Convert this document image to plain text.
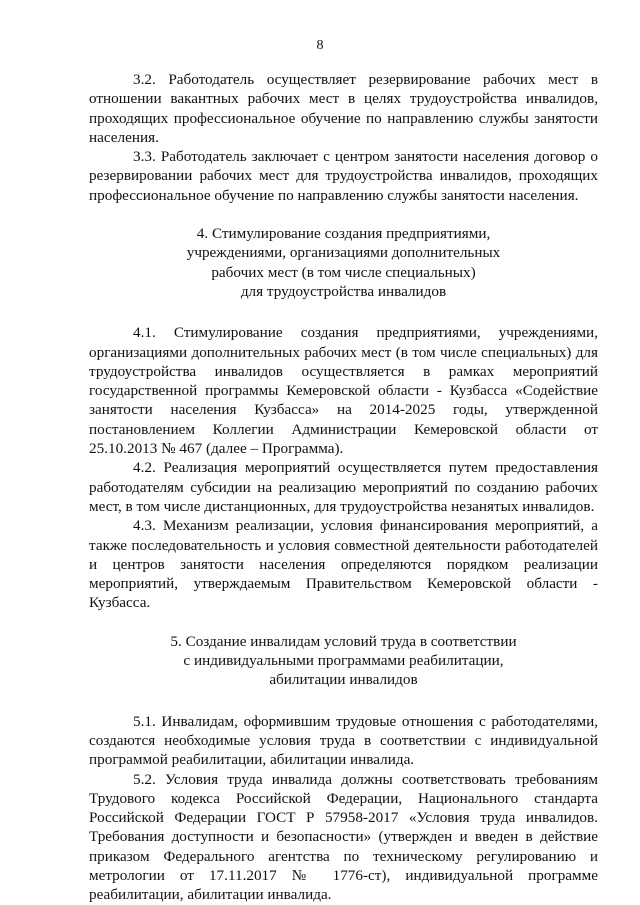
8

3.2. Работодатель осуществляет резервирование рабочих мест в отношении вакантных рабочих мест в целях трудоустройства инвалидов, проходящих профессиональное обучение по направлению службы занятости населения.

3.3. Работодатель заключает с центром занятости населения договор о резервировании рабочих мест для трудоустройства инвалидов, проходящих профессиональное обучение по направлению службы занятости населения.

4. Стимулирование создания предприятиями,
учреждениями, организациями дополнительных
рабочих мест (в том числе специальных)
для трудоустройства инвалидов

4.1. Стимулирование создания предприятиями, учреждениями, организациями дополнительных рабочих мест (в том числе специальных) для трудоустройства инвалидов осуществляется в рамках мероприятий государственной программы Кемеровской области - Кузбасса «Содействие занятости населения Кузбасса» на 2014-2025 годы, утвержденной постановлением Коллегии Администрации Кемеровской области от 25.10.2013 № 467 (далее – Программа).

4.2. Реализация мероприятий осуществляется путем предоставления работодателям субсидии на реализацию мероприятий по созданию рабочих мест, в том числе дистанционных, для трудоустройства незанятых инвалидов.

4.3. Механизм реализации, условия финансирования мероприятий, а также последовательность и условия совместной деятельности работодателей и центров занятости населения определяются порядком реализации мероприятий, утверждаемым Правительством Кемеровской области - Кузбасса.

5. Создание инвалидам условий труда в соответствии
с индивидуальными программами реабилитации,
абилитации инвалидов

5.1. Инвалидам, оформившим трудовые отношения с работодателями, создаются необходимые условия труда в соответствии с индивидуальной программой реабилитации, абилитации инвалида.

5.2. Условия труда инвалида должны соответствовать требованиям Трудового кодекса Российской Федерации, Национального стандарта Российской Федерации ГОСТ Р 57958-2017 «Условия труда инвалидов. Требования доступности и безопасности» (утвержден и введен в действие приказом Федерального агентства по техническому регулированию и метрологии от 17.11.2017 № 1776-ст), индивидуальной программе реабилитации, абилитации инвалида.
